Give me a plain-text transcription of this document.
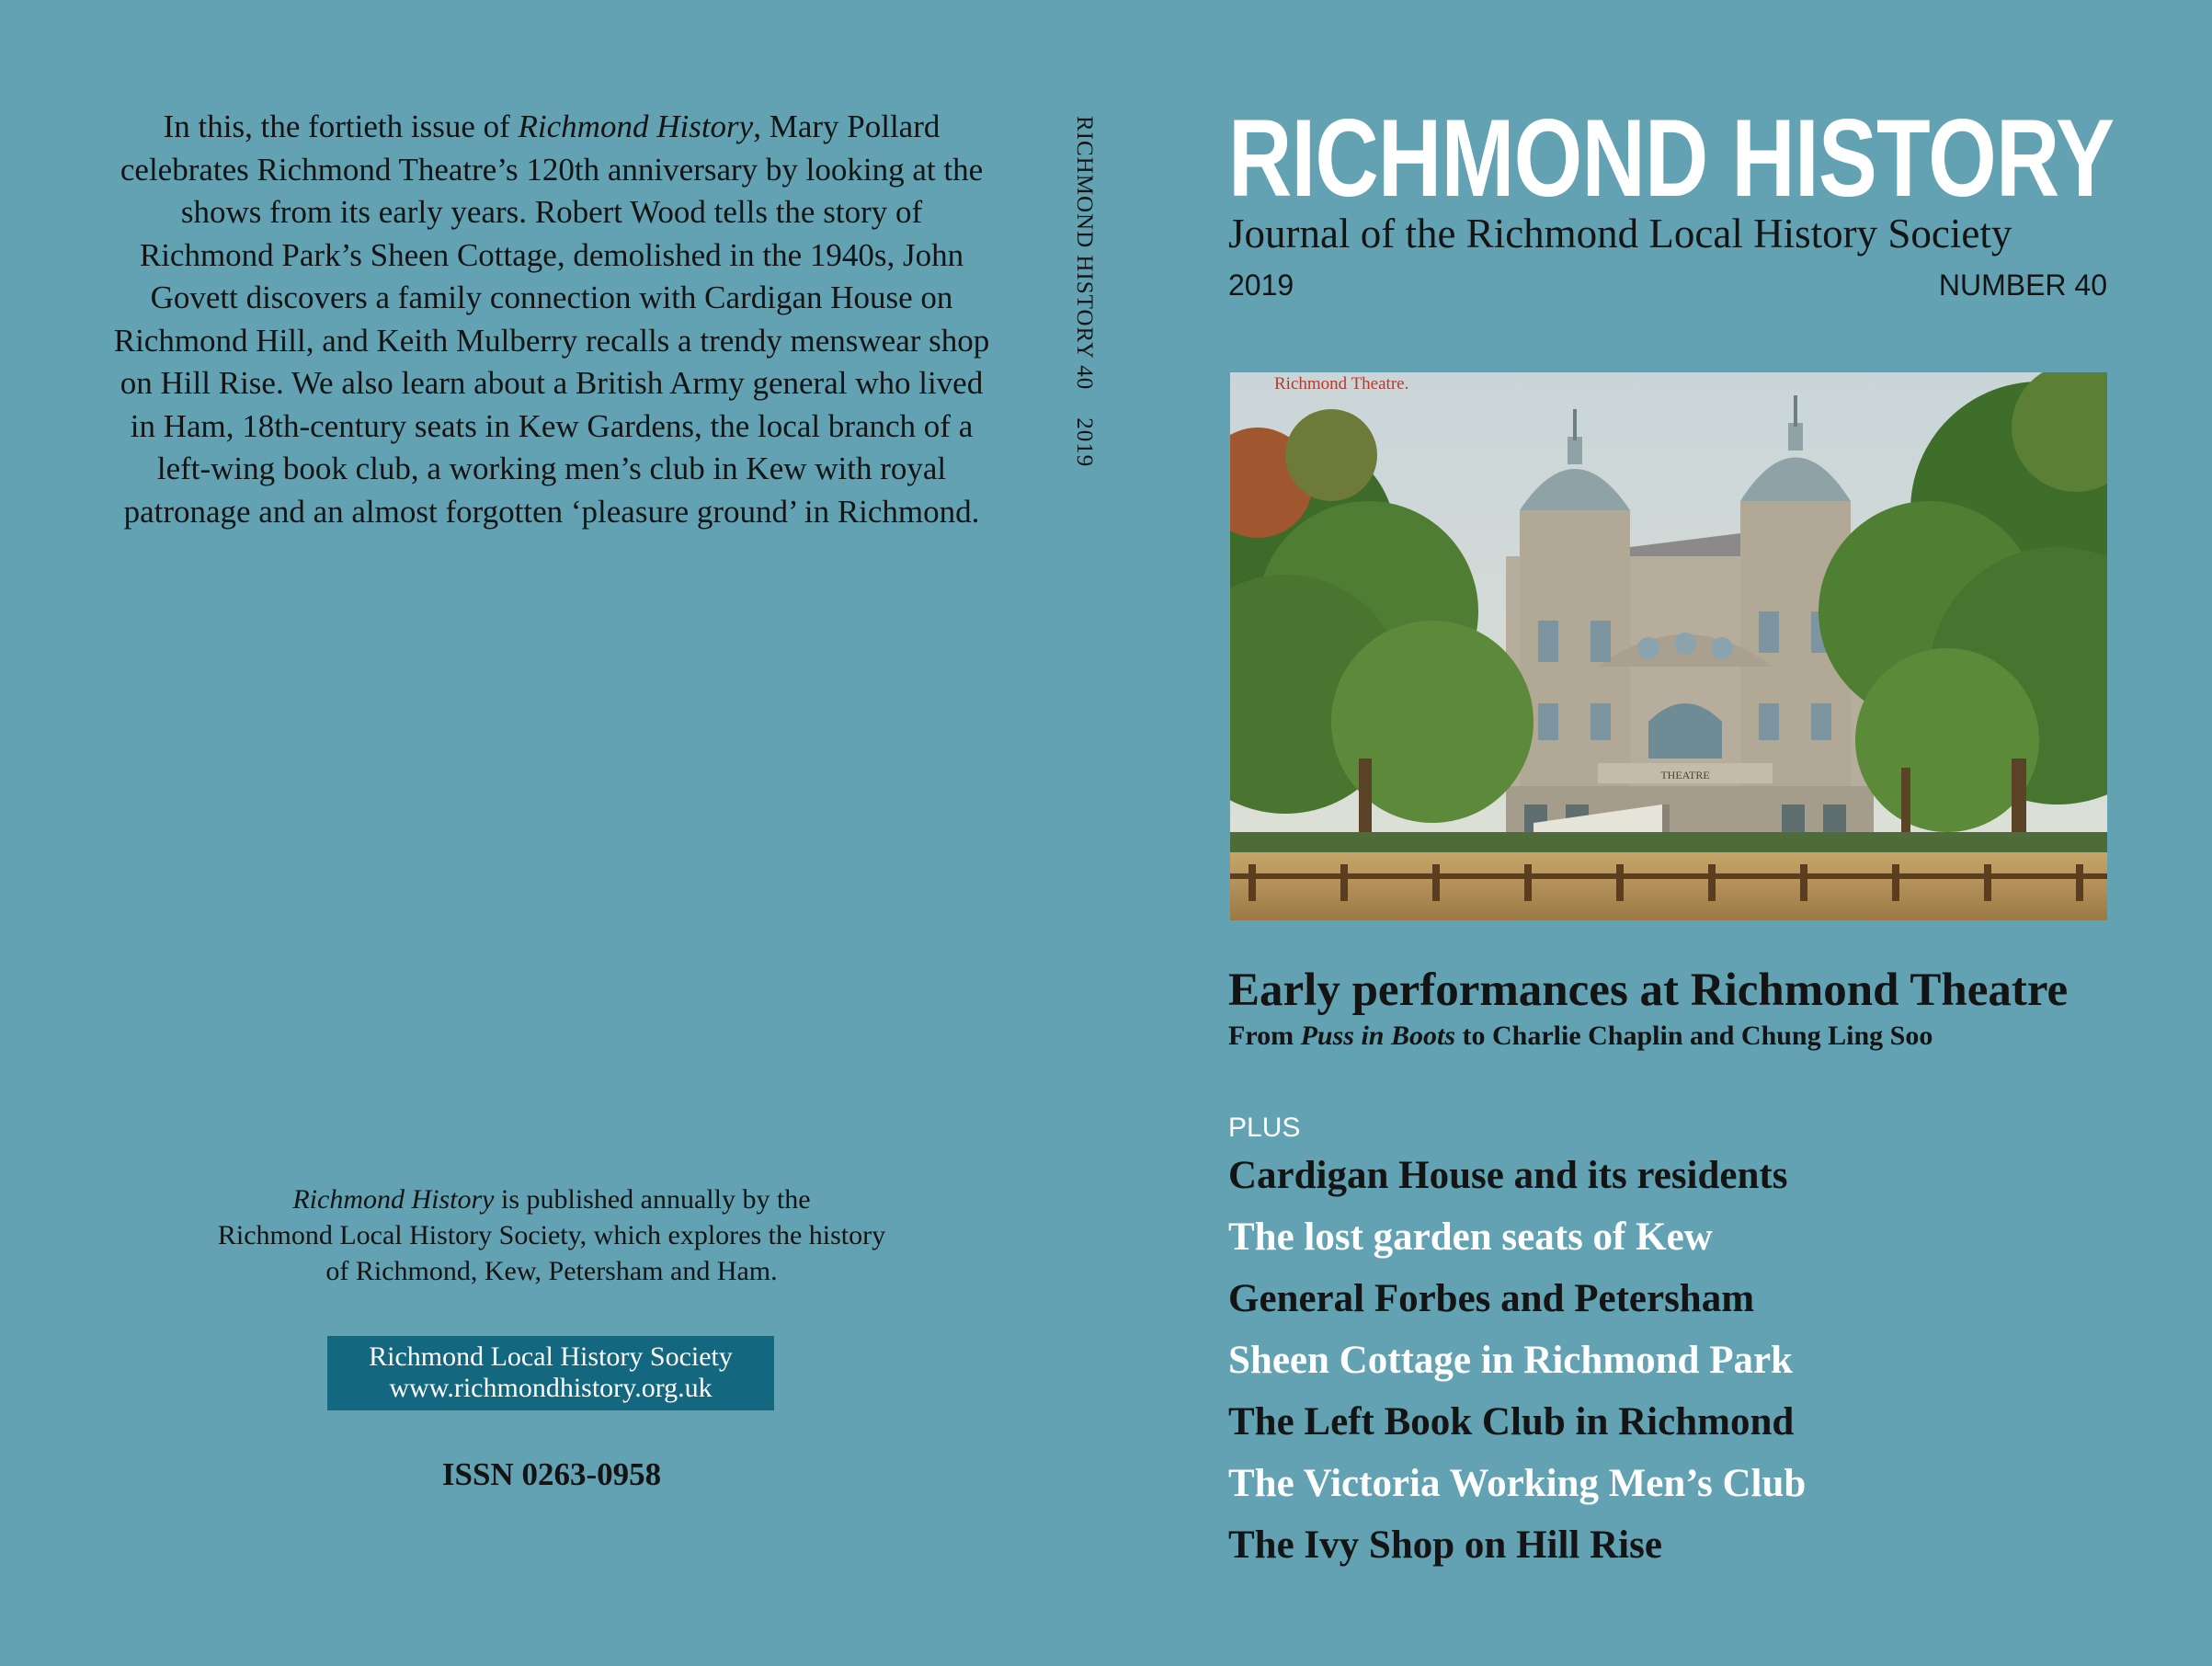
In this, the fortieth issue of Richmond History, Mary Pollard celebrates Richmond Theatre’s 120th anniversary by looking at the shows from its early years. Robert Wood tells the story of Richmond Park’s Sheen Cottage, demolished in the 1940s, John Govett discovers a family connection with Cardigan House on Richmond Hill, and Keith Mulberry recalls a trendy menswear shop on Hill Rise. We also learn about a British Army general who lived in Ham, 18th-century seats in Kew Gardens, the local branch of a left-wing book club, a working men’s club in Kew with royal patronage and an almost forgotten ‘pleasure ground’ in Richmond.
Richmond History is published annually by the
Richmond Local History Society, which explores the history
of Richmond, Kew, Petersham and Ham.
Richmond Local History Society
www.richmondhistory.org.uk
ISSN 0263-0958
RICHMOND HISTORY 402019
RICHMOND HISTORY
Journal of the Richmond Local History Society
2019	NUMBER 40
THEATRE
Richmond Theatre.
Early performances at Richmond Theatre
From Puss in Boots to Charlie Chaplin and Chung Ling Soo
PLUS
Cardigan House and its residents
The lost garden seats of Kew
General Forbes and Petersham
Sheen Cottage in Richmond Park
The Left Book Club in Richmond
The Victoria Working Men’s Club
The Ivy Shop on Hill Rise
